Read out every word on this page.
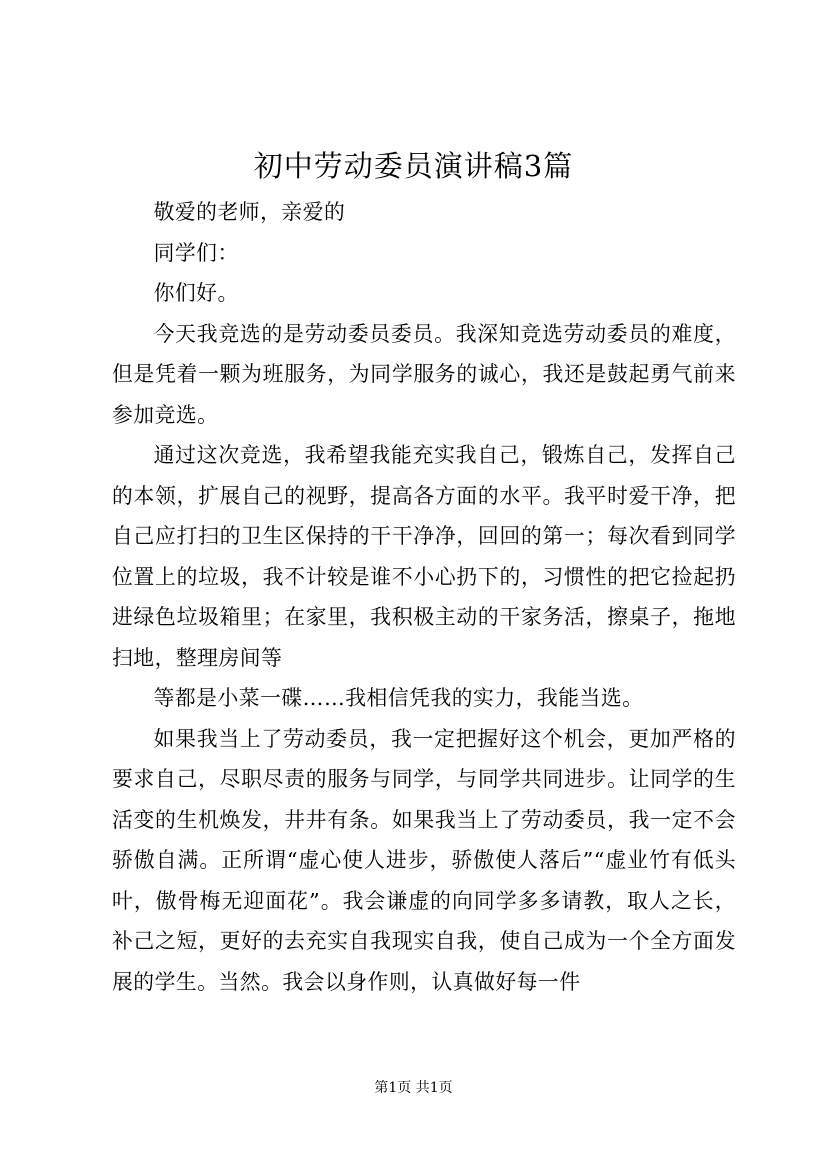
初中劳动委员演讲稿3篇

敬爱的老师，亲爱的

同学们：

你们好。

今天我竞选的是劳动委员委员。我深知竞选劳动委员的难度，但是凭着一颗为班服务，为同学服务的诚心，我还是鼓起勇气前来参加竞选。

通过这次竞选，我希望我能充实我自己，锻炼自己，发挥自己的本领，扩展自己的视野，提高各方面的水平。我平时爱干净，把自己应打扫的卫生区保持的干干净净，回回的第一；每次看到同学位置上的垃圾，我不计较是谁不小心扔下的，习惯性的把它捡起扔进绿色垃圾箱里；在家里，我积极主动的干家务活，擦桌子，拖地扫地，整理房间等

等都是小菜一碟……我相信凭我的实力，我能当选。

如果我当上了劳动委员，我一定把握好这个机会，更加严格的要求自己，尽职尽责的服务与同学，与同学共同进步。让同学的生活变的生机焕发，井井有条。如果我当上了劳动委员，我一定不会骄傲自满。正所谓“虚心使人进步，骄傲使人落后”“虚业竹有低头叶，傲骨梅无迎面花”。我会谦虚的向同学多多请教，取人之长，补己之短，更好的去充实自我现实自我，使自己成为一个全方面发展的学生。当然。我会以身作则，认真做好每一件

第1页 共1页
